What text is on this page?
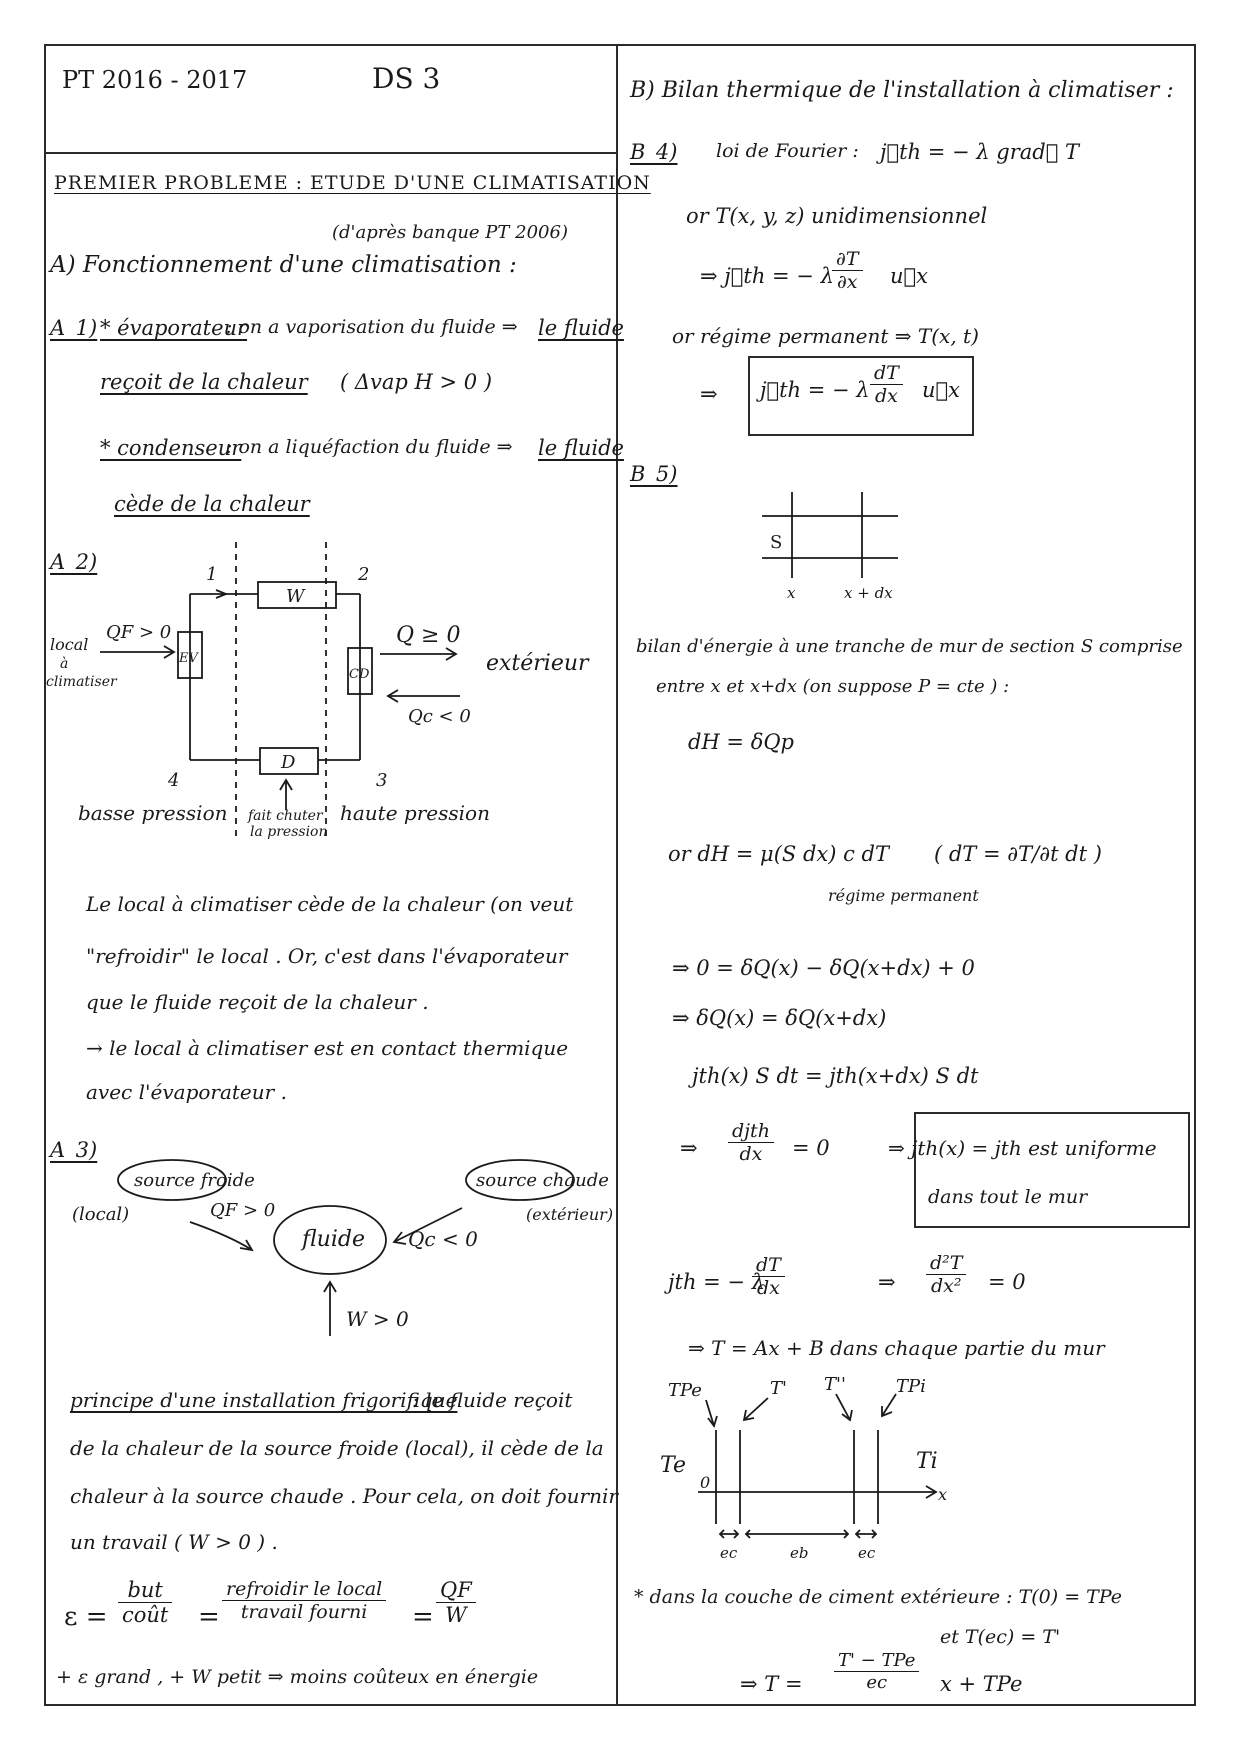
PT 2016 - 2017	DS 3
PREMIER PROBLEME : ETUDE D'UNE CLIMATISATION
(d'après banque PT 2006)
A) Fonctionnement d'une climatisation :
A_1) * évaporateur
: on a vaporisation du fluide ⇒ le fluide
reçoit de la chaleur ( Δvap H > 0 )
* condenseur
: on a liquéfaction du fluide ⇒ le fluide
cède de la chaleur
A_2)
1	2
3
4
W
EV
CD
D
local
à
climatiser
QF > 0	Q ≥ 0
Qc < 0
extérieur
basse pression	haute pression
fait chuter
la pression
Le local à climatiser cède de la chaleur (on veut
"refroidir" le local . Or, c'est dans l'évaporateur
que le fluide reçoit de la chaleur .
→ le local à climatiser est en contact thermique
avec l'évaporateur .
A_3)
source froide
(local)
source chaude
(extérieur)
fluide
QF > 0
Qc < 0
W > 0
principe d'une installation frigorifique
: le fluide reçoit
de la chaleur de la source froide (local), il cède de la
chaleur à la source chaude . Pour cela, on doit fournir
un travail ( W > 0 ) .
ε =
but
coût =
refroidir le local
travail fourni	= $\frac{QF}{W}$
+ ε grand , + W petit ⇒ moins coûteux en énergie
B) Bilan thermique de l'installation à climatiser :
B_4) loi de Fourier : j⃗th = − λ grad⃗ T
or T(x, y, z) unidimensionnel
⇒ j⃗th = − λ
$\frac{\partial T}{\partial x}$ u⃗x
or régime permanent ⇒ T(x, t)
⇒ j⃗th = − λ $\frac{dT}{dx}$ u⃗x
B_5)
S
x	x + dx
bilan d'énergie à une tranche de mur de section S comprise
entre x et x+dx (on suppose P = cte ) :
dH = δQp
or dH = μ(S dx) c dT ( dT = ∂T/∂t dt )
régime permanent
⇒ 0 = δQ(x) − δQ(x+dx) + 0
⇒ δQ(x) = δQ(x+dx)
jth(x) S dt = jth(x+dx) S dt
⇒
djth
dx	= 0	⇒ jth(x) = jth est uniforme
dans tout le mur
jth = − λ
$\frac{dT}{dx}$	⇒ $\frac{\text{d²T}}{\text{dx²}} = 0$
⇒ T = Ax + B dans chaque partie du mur
TPe	T' T''	TPi
Te	Ti
0
x
ec	eb	ec
* dans la couche de ciment extérieure : T(0) = TPe
et T(ec) = T'
⇒ T =
T' − TPe
ec	x + TPe
